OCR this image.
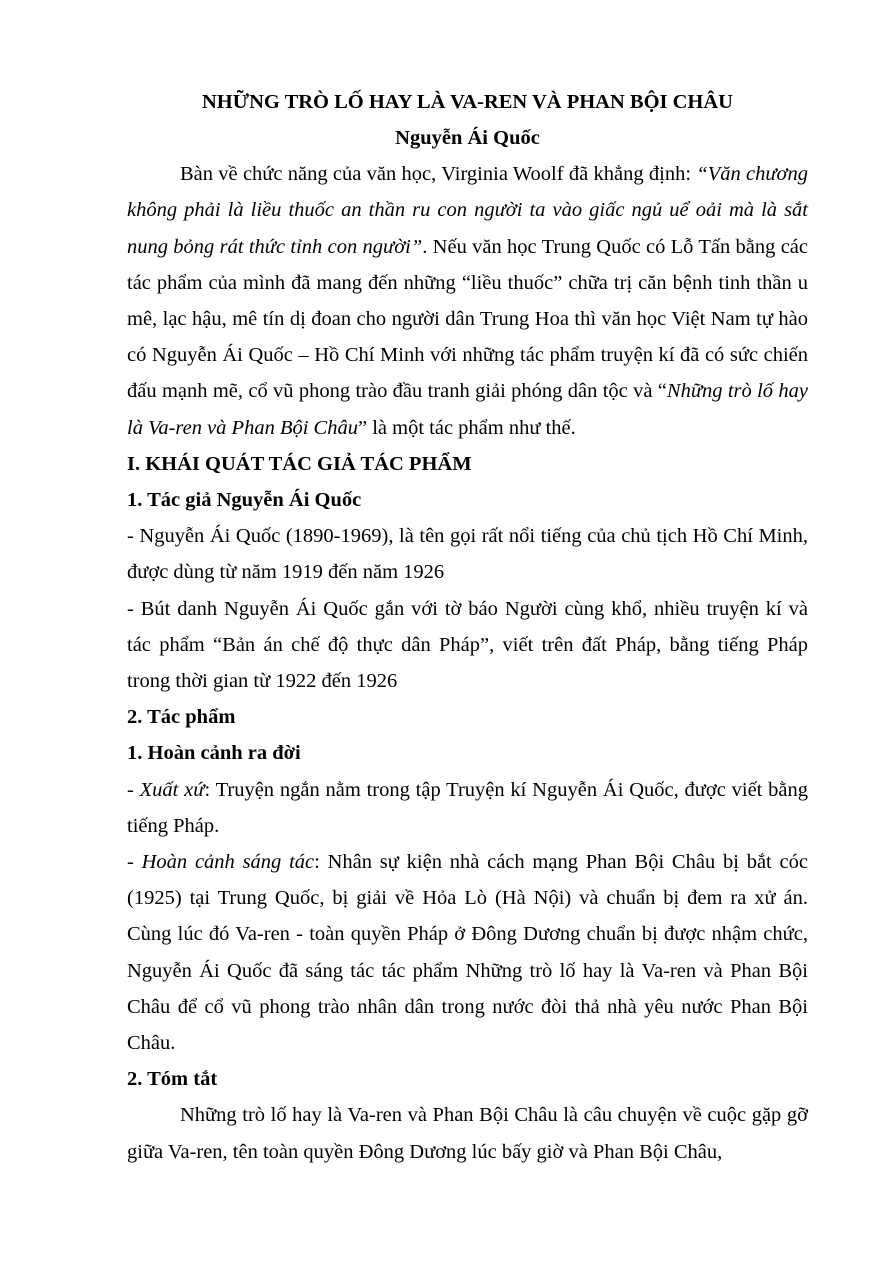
NHỮNG TRÒ LỐ HAY LÀ VA-REN VÀ PHAN BỘI CHÂU
Nguyễn Ái Quốc

Bàn về chức năng của văn học, Virginia Woolf đã khẳng định: “Văn chương không phải là liều thuốc an thần ru con người ta vào giấc ngủ uể oải mà là sắt nung bỏng rát thức tỉnh con người”. Nếu văn học Trung Quốc có Lỗ Tấn bằng các tác phẩm của mình đã mang đến những “liều thuốc” chữa trị căn bệnh tinh thần u mê, lạc hậu, mê tín dị đoan cho người dân Trung Hoa thì văn học Việt Nam tự hào có Nguyễn Ái Quốc – Hồ Chí Minh với những tác phẩm truyện kí đã có sức chiến đấu mạnh mẽ, cổ vũ phong trào đầu tranh giải phóng dân tộc và “Những trò lố hay là Va-ren và Phan Bội Châu” là một tác phẩm như thế.

I. KHÁI QUÁT TÁC GIẢ TÁC PHẨM
1. Tác giả Nguyễn Ái Quốc

- Nguyễn Ái Quốc (1890-1969), là tên gọi rất nổi tiếng của chủ tịch Hồ Chí Minh, được dùng từ năm 1919 đến năm 1926

- Bút danh Nguyễn Ái Quốc gắn với tờ báo Người cùng khổ, nhiều truyện kí và tác phẩm “Bản án chế độ thực dân Pháp”, viết trên đất Pháp, bằng tiếng Pháp trong thời gian từ 1922 đến 1926

2. Tác phẩm
1. Hoàn cảnh ra đời

- Xuất xứ: Truyện ngắn nằm trong tập Truyện kí Nguyễn Ái Quốc, được viết bằng tiếng Pháp.

- Hoàn cảnh sáng tác: Nhân sự kiện nhà cách mạng Phan Bội Châu bị bắt cóc (1925) tại Trung Quốc, bị giải về Hỏa Lò (Hà Nội) và chuẩn bị đem ra xử án. Cùng lúc đó Va-ren - toàn quyền Pháp ở Đông Dương chuẩn bị được nhậm chức, Nguyễn Ái Quốc đã sáng tác tác phẩm Những trò lố hay là Va-ren và Phan Bội Châu để cổ vũ phong trào nhân dân trong nước đòi thả nhà yêu nước Phan Bội Châu.

2. Tóm tắt

Những trò lố hay là Va-ren và Phan Bội Châu là câu chuyện về cuộc gặp gỡ giữa Va-ren, tên toàn quyền Đông Dương lúc bấy giờ và Phan Bội Châu,
